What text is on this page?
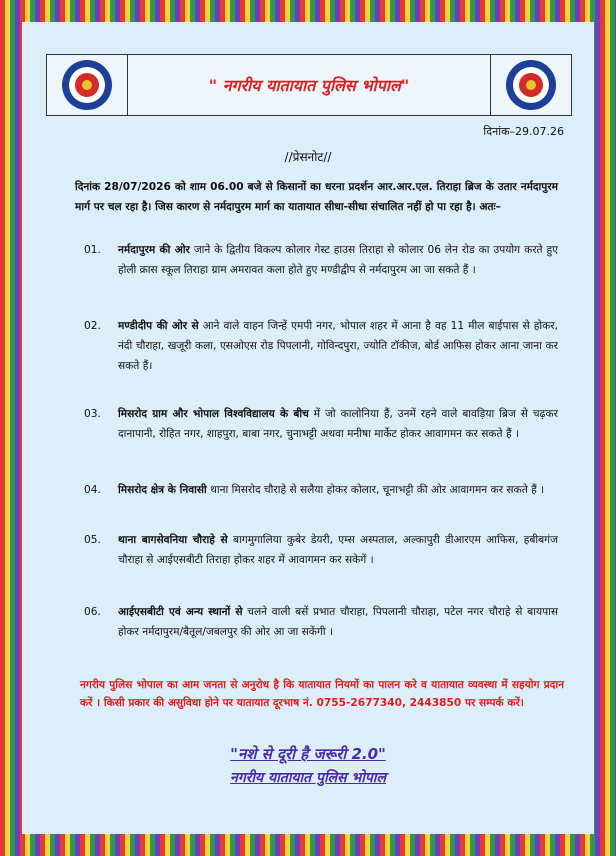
" नगरीय यातायात पुलिस भोपाल"
दिनांक–29.07.26
//प्रेसनोट//
दिनांक 28/07/2026 को शाम 06.00 बजे से किसानों का धरना प्रदर्शन आर.आर.एल. तिराहा ब्रिज के उतार नर्मदापुरम मार्ग पर चल रहा है। जिस कारण से नर्मदापुरम मार्ग का यातायात सीधा-सीधा संचालित नहीं हो पा रहा है। अतः–
01.	नर्मदापुरम की ओर जाने के द्वितीय विकल्प कोलार गेस्ट हाउस तिराहा से कोलार 06 लेन रोड का उपयोग करते हुए होली क्रास स्कूल तिराहा ग्राम अमरावत कला होते हुए मण्डीद्वीप से नर्मदापुरम आ जा सकते हैं ।
02.	मण्डीदीप की ओर से आने वाले वाहन जिन्हें एमपी नगर, भोपाल शहर में आना है वह 11 मील बाईपास से होकर, नंदी चौराहा, खजूरी कला, एसओएस रोड पिपलानी, गोविन्दपुरा, ज्योति टॉकीज, बोर्ड आफिस होकर आना जाना कर सकते हैं।
03.	मिसरोद ग्राम और भोपाल विश्वविद्यालय के बीच में जो कालोनिया हैं, उनमें रहने वाले बावड़िया ब्रिज से चढ़कर दानापानी, रोहित नगर, शाहपुरा, बाबा नगर, चुनाभट्टी अथवा मनीषा मार्केट होकर आवागमन कर सकते हैं ।
04.	मिसरोद क्षेत्र के निवासी थाना मिसरोद चौराहे से सलैया होकर कोलार, चूनाभट्टी की ओर आवागमन कर सकते हैं ।
05.	थाना बागसेवनिया चौराहे से बागमुगालिया कुबेर डेयरी, एम्स अस्पताल, अल्कापुरी डीआरएम आफिस, हबीबगंज चौराहा से आईएसबीटी तिराहा होकर शहर में आवागमन कर सकेगें ।
06.	आईएसबीटी एवं अन्य स्थानों से चलने वाली बसें प्रभात चौराहा, पिपलानी चौराहा, पटेल नगर चौराहे से बायपास होकर नर्मदापुरम/बैतूल/जबलपुर की ओर आ जा सकेंगी ।
नगरीय पुलिस भोपाल का आम जनता से अनुरोध है कि यातायात नियमों का पालन करे व यातायात व्यवस्था में सहयोग प्रदान करें । किसी प्रकार की असुविधा होने पर यातायात दूरभाष नं. 0755-2677340, 2443850 पर सम्पर्क करें।
"नशे से दूरी है जरूरी 2.0"
नगरीय यातायात पुलिस भोपाल
